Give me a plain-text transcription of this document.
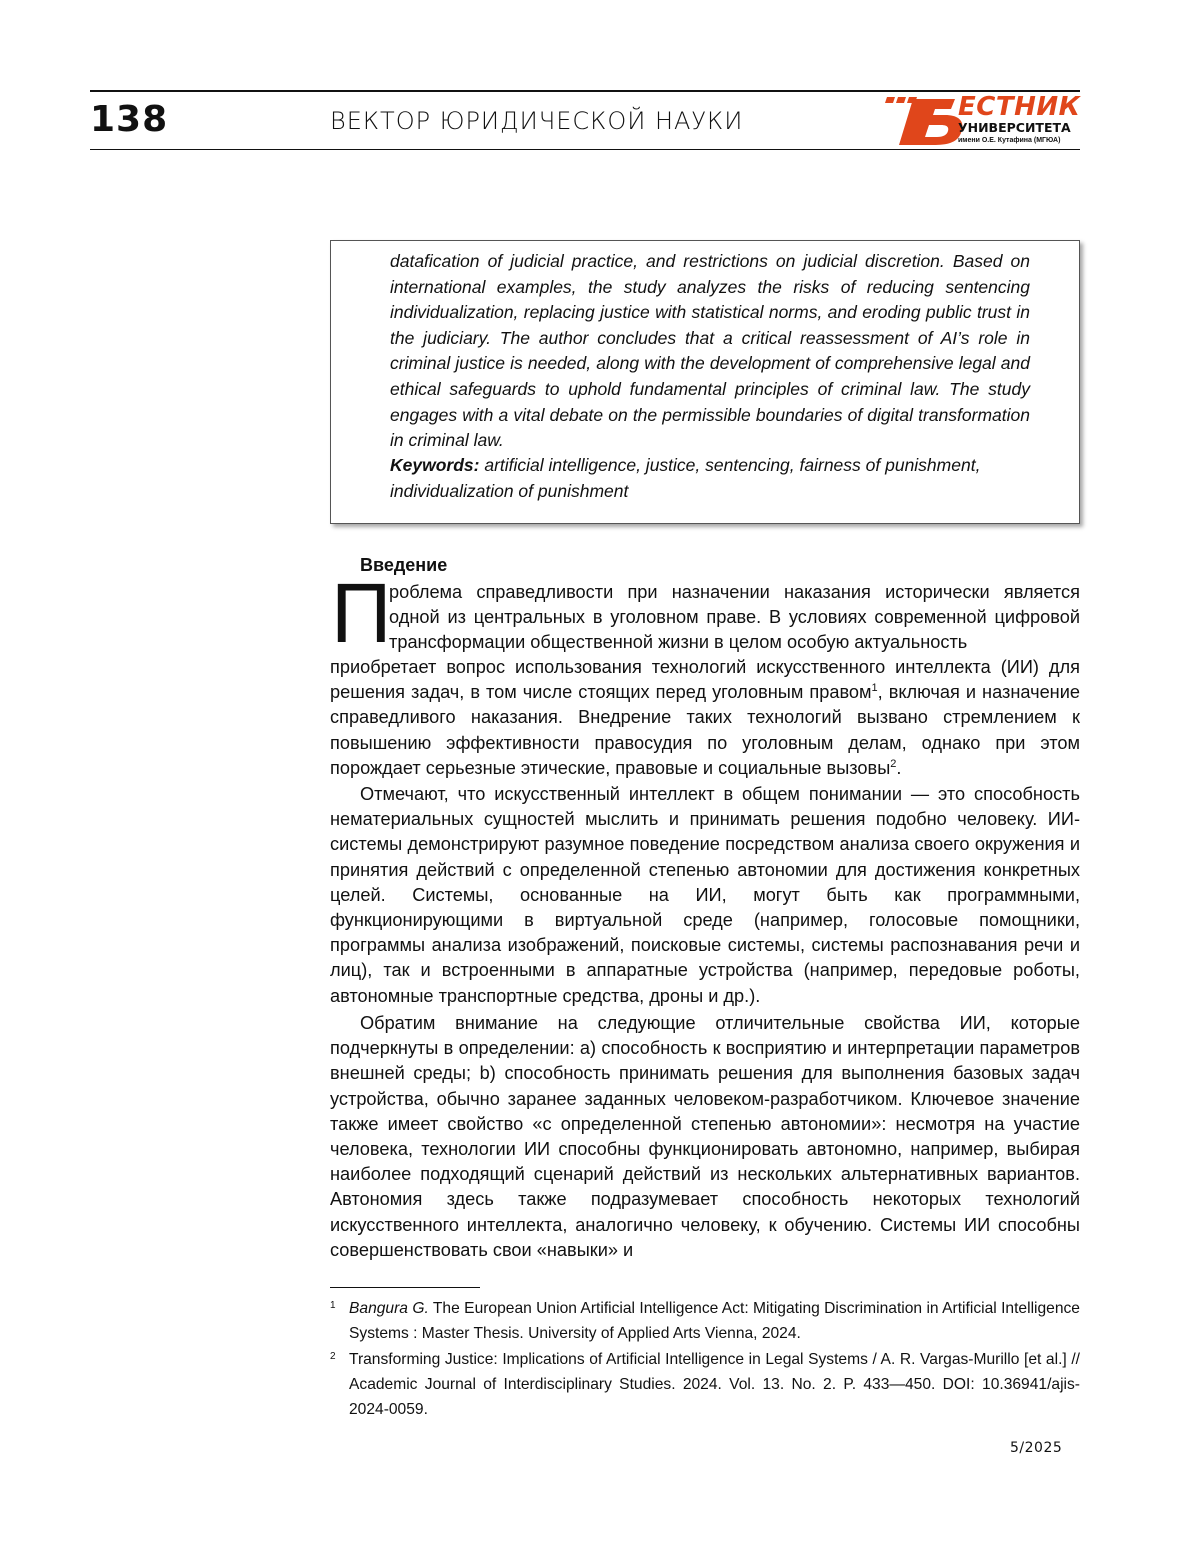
138	ВЕКТОР ЮРИДИЧЕСКОЙ НАУКИ	ЕСТНИК
УНИВЕРСИТЕТА
имени О.Е. Кутафина (МГЮА)
datafication of judicial practice, and restrictions on judicial discretion. Based on international examples, the study analyzes the risks of reducing sentencing individualization, replacing justice with statistical norms, and eroding public trust in the judiciary. The author concludes that a critical reassessment of AI’s role in criminal justice is needed, along with the development of comprehensive legal and ethical safeguards to uphold fundamental principles of criminal law. The study engages with a vital debate on the permissible boundaries of digital transformation in criminal law.
Keywords: artificial intelligence, justice, sentencing, fairness of punishment, individualization of punishment
Введение
П
роблема справедливости при назначении наказания исторически является одной из центральных в уголовном праве. В условиях современной цифровой трансформации общественной жизни в целом особую актуальность
приобретает вопрос использования технологий искусственного интеллекта (ИИ) для решения задач, в том числе стоящих перед уголовным правом1, включая и назначение справедливого наказания. Внедрение таких технологий вызвано стремлением к повышению эффективности правосудия по уголовным делам, однако при этом порождает серьезные этические, правовые и социальные вызовы2.
Отмечают, что искусственный интеллект в общем понимании — это способность нематериальных сущностей мыслить и принимать решения подобно человеку. ИИ-системы демонстрируют разумное поведение посредством анализа своего окружения и принятия действий с определенной степенью автономии для достижения конкретных целей. Системы, основанные на ИИ, могут быть как программными, функционирующими в виртуальной среде (например, голосовые помощники, программы анализа изображений, поисковые системы, системы распознавания речи и лиц), так и встроенными в аппаратные устройства (например, передовые роботы, автономные транспортные средства, дроны и др.).
Обратим внимание на следующие отличительные свойства ИИ, которые подчеркнуты в определении: a) способность к восприятию и интерпретации параметров внешней среды; b) способность принимать решения для выполнения базовых задач устройства, обычно заранее заданных человеком-разработчиком. Ключевое значение также имеет свойство «с определенной степенью автономии»: несмотря на участие человека, технологии ИИ способны функционировать автономно, например, выбирая наиболее подходящий сценарий действий из нескольких альтернативных вариантов. Автономия здесь также подразумевает способность некоторых технологий искусственного интеллекта, аналогично человеку, к обучению. Системы ИИ способны совершенствовать свои «навыки» и
1 Bangura G. The European Union Artificial Intelligence Act: Mitigating Discrimination in Artificial Intelligence Systems : Master Thesis. University of Applied Arts Vienna, 2024.
2 Transforming Justice: Implications of Artificial Intelligence in Legal Systems / A. R. Vargas-Murillo [et al.] // Academic Journal of Interdisciplinary Studies. 2024. Vol. 13. No. 2. P. 433—450. DOI: 10.36941/ajis-2024-0059.
5/2025
